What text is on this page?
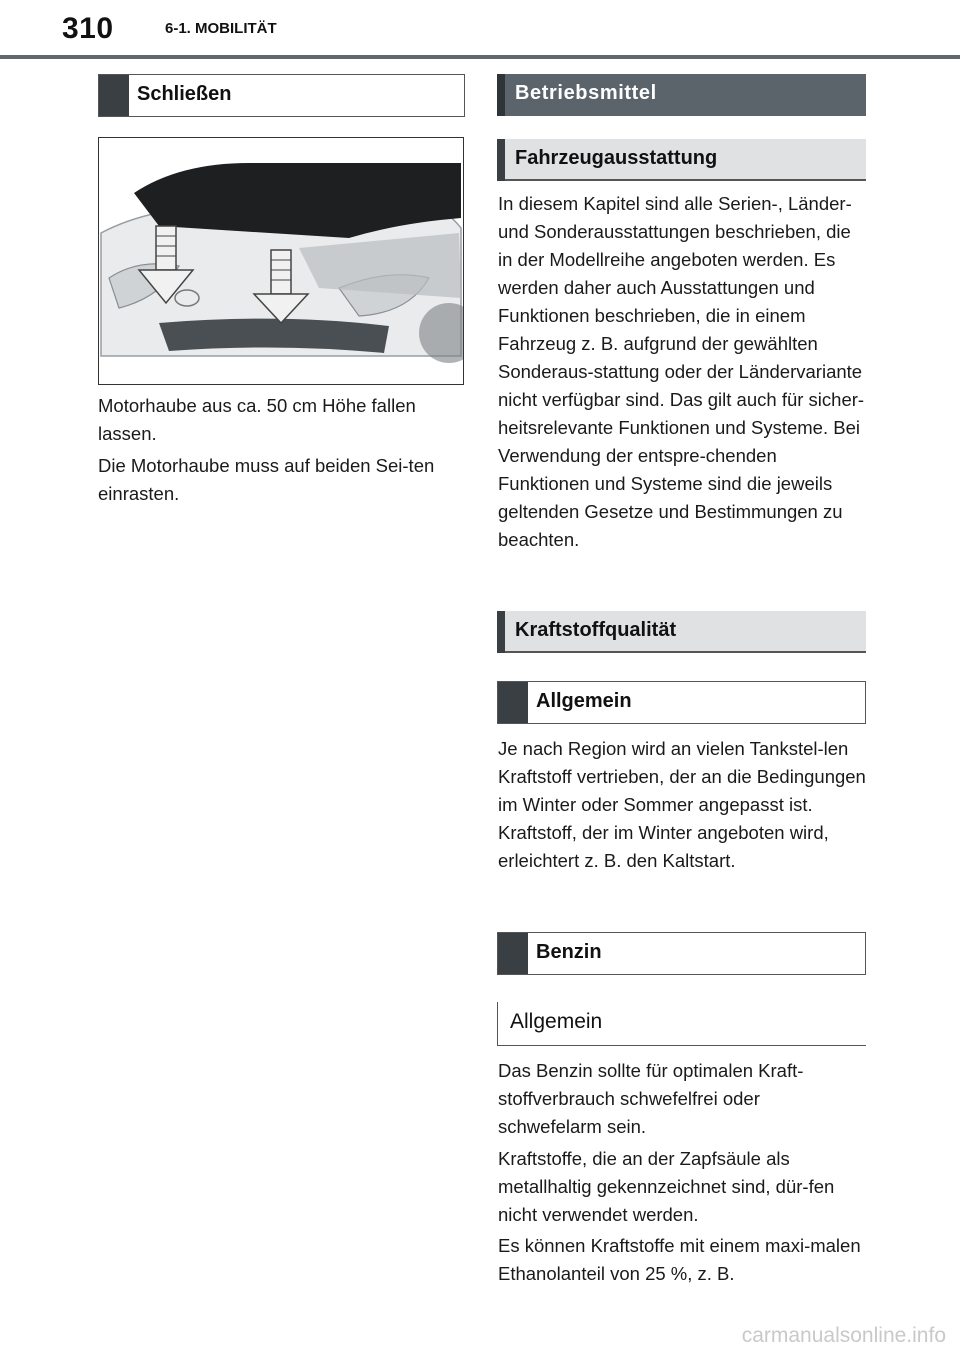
310	6-1. MOBILITÄT
Schließen

Motorhaube aus ca. 50 cm Höhe fallen lassen.

Die Motorhaube muss auf beiden Sei-ten einrasten.

Betriebsmittel
Fahrzeugausstattung

In diesem Kapitel sind alle Serien-, Länder- und Sonderausstattungen beschrieben, die in der Modellreihe angeboten werden. Es werden daher auch Ausstattungen und Funktionen beschrieben, die in einem Fahrzeug z. B. aufgrund der gewählten Sonderaus-stattung oder der Ländervariante nicht verfügbar sind. Das gilt auch für sicher-heitsrelevante Funktionen und Systeme. Bei Verwendung der entspre-chenden Funktionen und Systeme sind die jeweils geltenden Gesetze und Bestimmungen zu beachten.

Kraftstoffqualität
Allgemein

Je nach Region wird an vielen Tankstel-len Kraftstoff vertrieben, der an die Bedingungen im Winter oder Sommer angepasst ist. Kraftstoff, der im Winter angeboten wird, erleichtert z. B. den Kaltstart.

Benzin
Allgemein

Das Benzin sollte für optimalen Kraft-stoffverbrauch schwefelfrei oder schwefelarm sein.

Kraftstoffe, die an der Zapfsäule als metallhaltig gekennzeichnet sind, dür-fen nicht verwendet werden.

Es können Kraftstoffe mit einem maxi-malen Ethanolanteil von 25 %, z. B.

carmanualsonline.info
